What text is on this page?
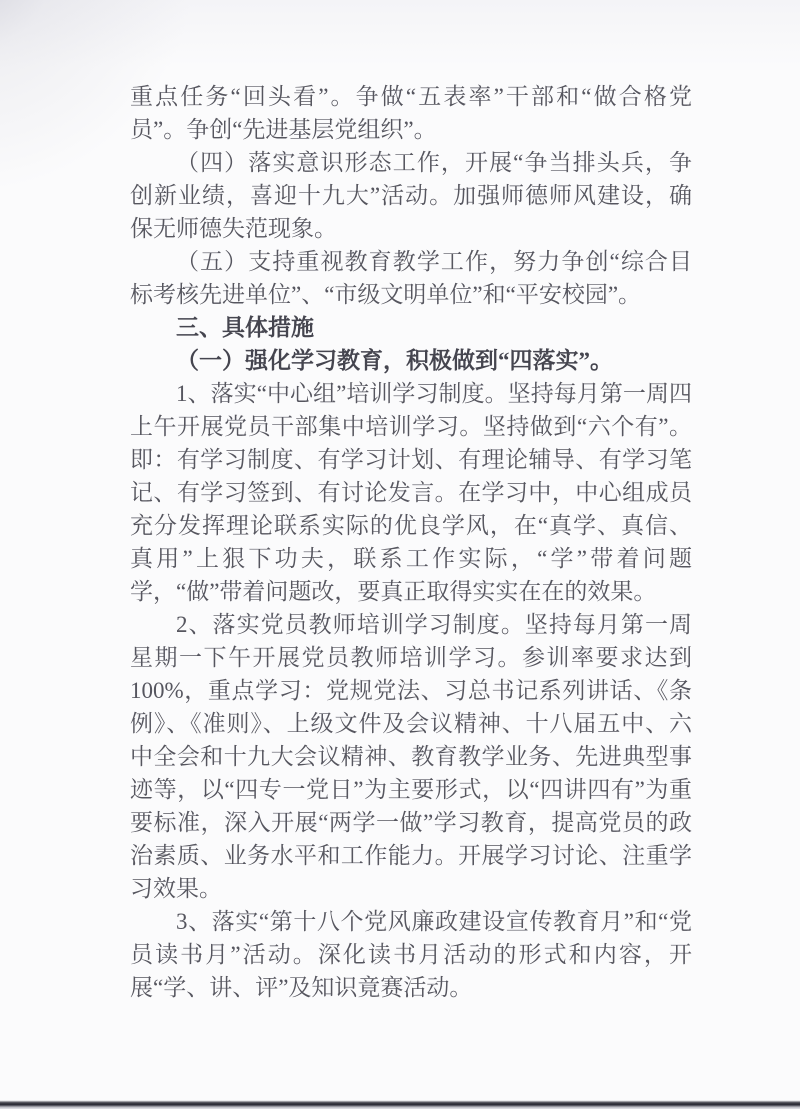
重点任务“回头看”。争做“五表率”干部和“做合格党员”。争创“先进基层党组织”。

（四）落实意识形态工作，开展“争当排头兵，争创新业绩，喜迎十九大”活动。加强师德师风建设，确保无师德失范现象。

（五）支持重视教育教学工作，努力争创“综合目标考核先进单位”、“市级文明单位”和“平安校园”。

三、具体措施
（一）强化学习教育，积极做到“四落实”。

1、落实“中心组”培训学习制度。坚持每月第一周四上午开展党员干部集中培训学习。坚持做到“六个有”。即：有学习制度、有学习计划、有理论辅导、有学习笔记、有学习签到、有讨论发言。在学习中，中心组成员充分发挥理论联系实际的优良学风，在“真学、真信、真用”上狠下功夫，联系工作实际，“学”带着问题学，“做”带着问题改，要真正取得实实在在的效果。

2、落实党员教师培训学习制度。坚持每月第一周星期一下午开展党员教师培训学习。参训率要求达到 100%，重点学习：党规党法、习总书记系列讲话、《条例》、《准则》、上级文件及会议精神、十八届五中、六中全会和十九大会议精神、教育教学业务、先进典型事迹等，以“四专一党日”为主要形式，以“四讲四有”为重要标准，深入开展“两学一做”学习教育，提高党员的政治素质、业务水平和工作能力。开展学习讨论、注重学习效果。

3、落实“第十八个党风廉政建设宣传教育月”和“党员读书月”活动。深化读书月活动的形式和内容，开展“学、讲、评”及知识竟赛活动。
